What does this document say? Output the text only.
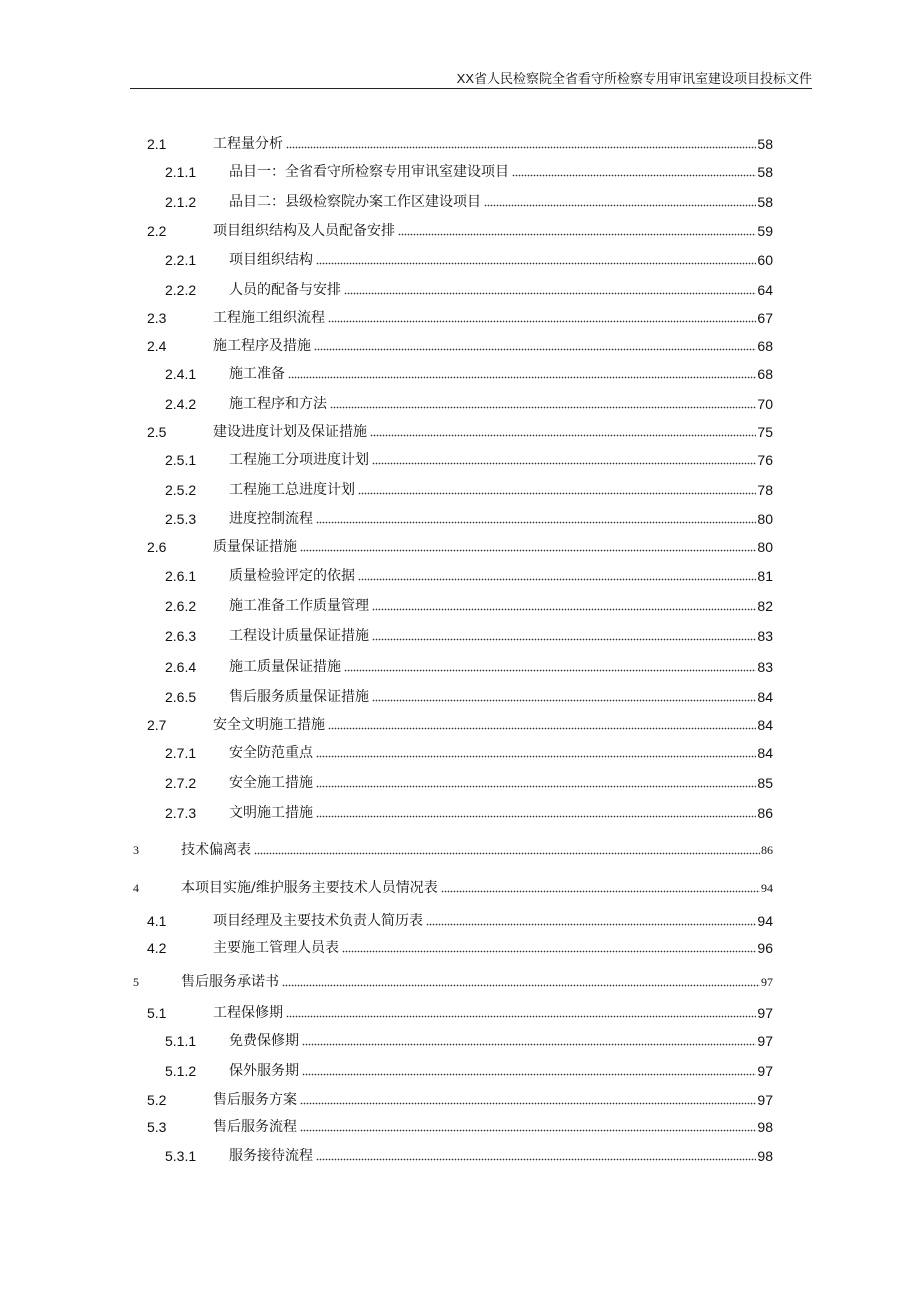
XX省人民检察院全省看守所检察专用审讯室建设项目投标文件
2.1	工程量分析	58
2.1.1	品目一：全省看守所检察专用审讯室建设项目	58
2.1.2	品目二：县级检察院办案工作区建设项目	58
2.2	项目组织结构及人员配备安排	59
2.2.1	项目组织结构	60
2.2.2	人员的配备与安排	64
2.3	工程施工组织流程	67
2.4	施工程序及措施	68
2.4.1	施工准备	68
2.4.2	施工程序和方法	70
2.5	建设进度计划及保证措施	75
2.5.1	工程施工分项进度计划	76
2.5.2	工程施工总进度计划	78
2.5.3	进度控制流程	80
2.6	质量保证措施	80
2.6.1	质量检验评定的依据	81
2.6.2	施工准备工作质量管理	82
2.6.3	工程设计质量保证措施	83
2.6.4	施工质量保证措施	83
2.6.5	售后服务质量保证措施	84
2.7	安全文明施工措施	84
2.7.1	安全防范重点	84
2.7.2	安全施工措施	85
2.7.3	文明施工措施	86
3	技术偏离表	86
4	本项目实施/维护服务主要技术人员情况表	94
4.1	项目经理及主要技术负责人简历表	94
4.2	主要施工管理人员表	96
5	售后服务承诺书	97
5.1	工程保修期	97
5.1.1	免费保修期	97
5.1.2	保外服务期	97
5.2	售后服务方案	97
5.3	售后服务流程	98
5.3.1	服务接待流程	98
